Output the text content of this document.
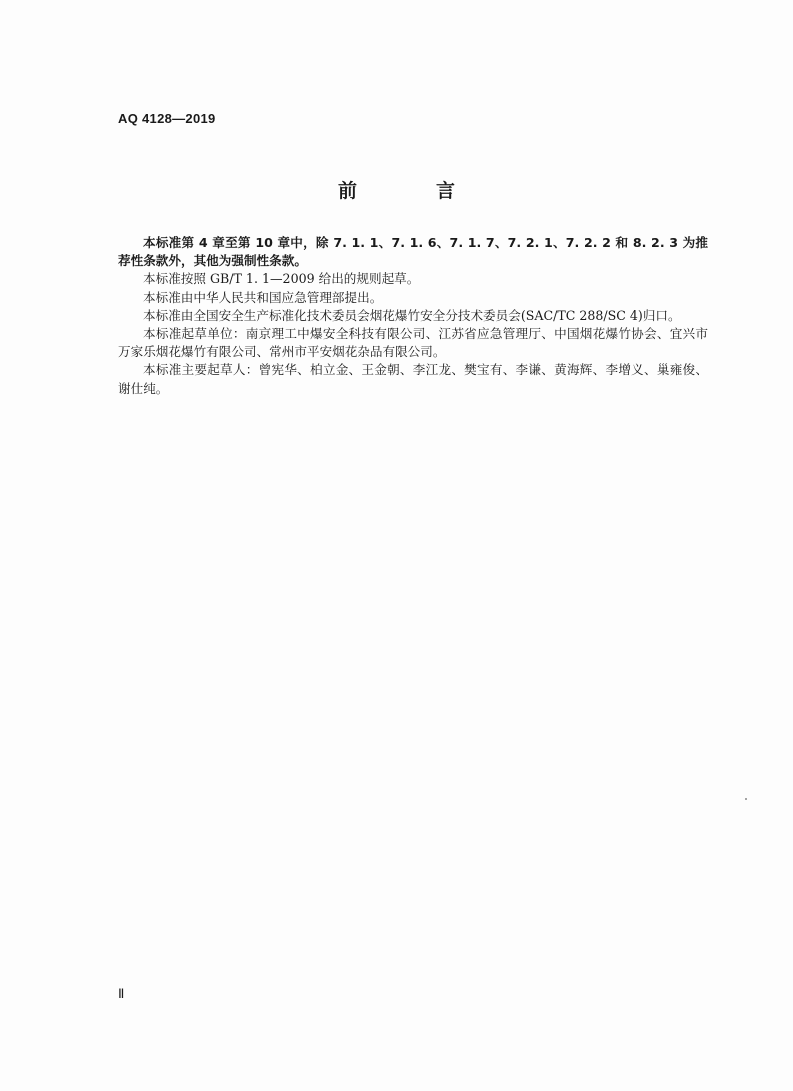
AQ 4128—2019
前　言

本标准第 4 章至第 10 章中，除 7. 1. 1、7. 1. 6、7. 1. 7、7. 2. 1、7. 2. 2 和 8. 2. 3 为推荐性条款外，其他为强制性条款。

本标准按照 GB/T 1. 1—2009 给出的规则起草。

本标准由中华人民共和国应急管理部提出。

本标准由全国安全生产标准化技术委员会烟花爆竹安全分技术委员会(SAC/TC 288/SC 4)归口。

本标准起草单位：南京理工中爆安全科技有限公司、江苏省应急管理厅、中国烟花爆竹协会、宜兴市万家乐烟花爆竹有限公司、常州市平安烟花杂品有限公司。

本标准主要起草人：曾宪华、柏立金、王金朝、李江龙、樊宝有、李谦、黄海辉、李增义、巢雍俊、谢仕纯。

Ⅱ
